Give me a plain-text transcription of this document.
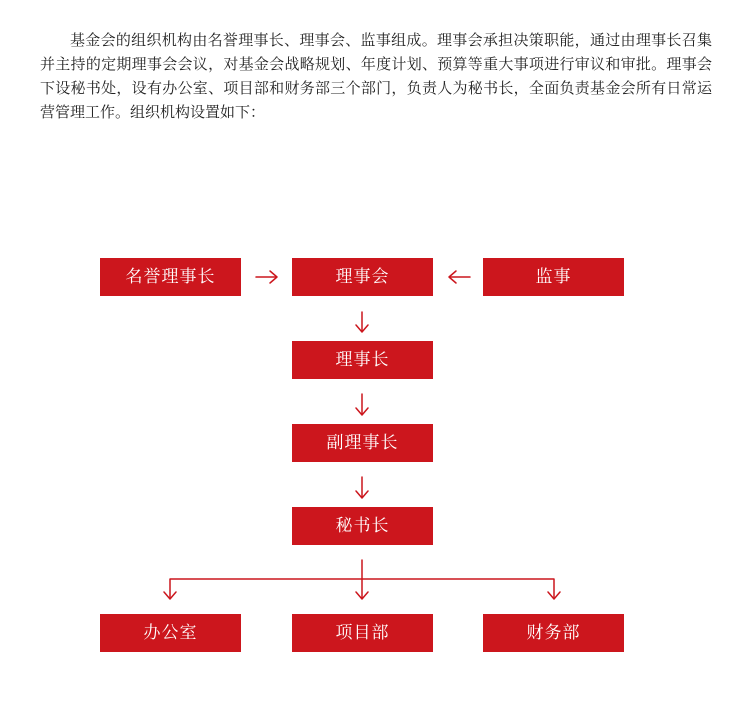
基金会的组织机构由名誉理事长、理事会、监事组成。理事会承担决策职能，通过由理事长召集并主持的定期理事会会议，对基金会战略规划、年度计划、预算等重大事项进行审议和审批。理事会下设秘书处，设有办公室、项目部和财务部三个部门，负责人为秘书长，全面负责基金会所有日常运营管理工作。组织机构设置如下：

名誉理事长	理事会	监事
理事长
副理事长
秘书长
办公室	项目部	财务部
